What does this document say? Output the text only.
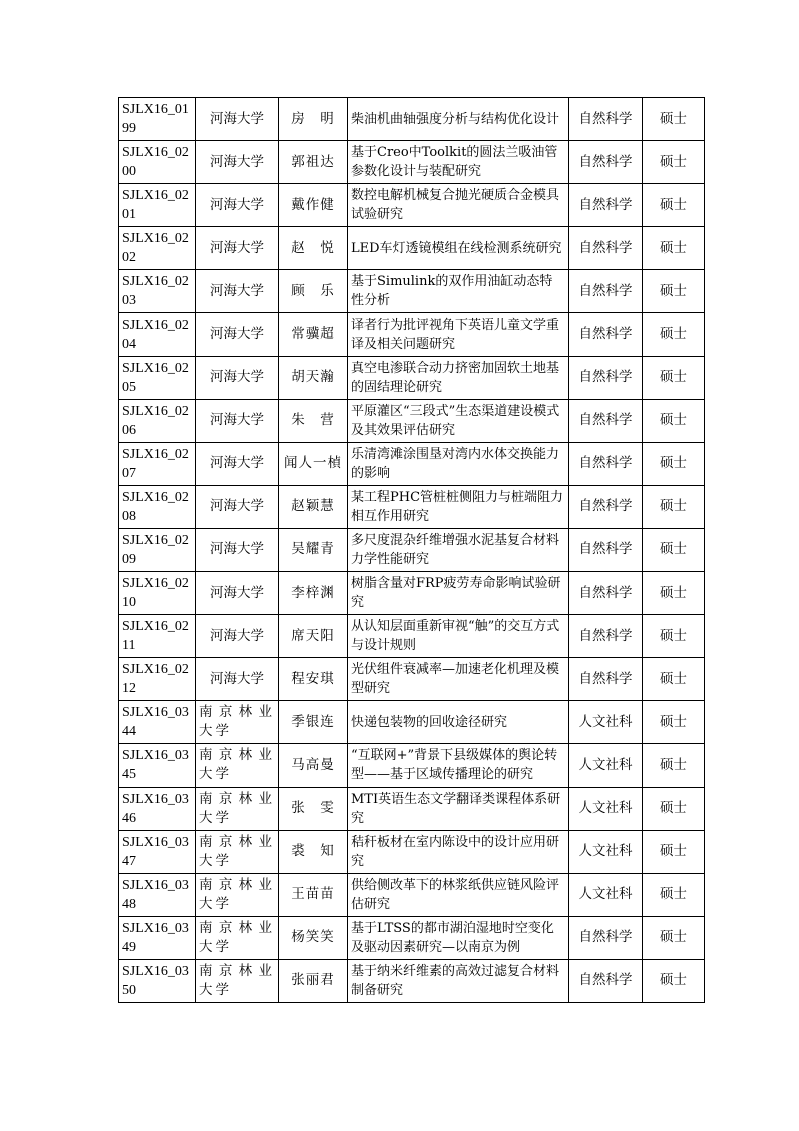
SJLX16_0199	河海大学	房　明	柴油机曲轴强度分析与结构优化设计	自然科学	硕士
SJLX16_0200	河海大学	郭祖达	基于Creo中Toolkit的圆法兰吸油管参数化设计与装配研究	自然科学	硕士
SJLX16_0201	河海大学	戴作健	数控电解机械复合抛光硬质合金模具试验研究	自然科学	硕士
SJLX16_0202	河海大学	赵　悦	LED车灯透镜模组在线检测系统研究	自然科学	硕士
SJLX16_0203	河海大学	顾　乐	基于Simulink的双作用油缸动态特性分析	自然科学	硕士
SJLX16_0204	河海大学	常骥超	译者行为批评视角下英语儿童文学重译及相关问题研究	自然科学	硕士
SJLX16_0205	河海大学	胡天瀚	真空电渗联合动力挤密加固软土地基的固结理论研究	自然科学	硕士
SJLX16_0206	河海大学	朱　营	平原灌区“三段式”生态渠道建设模式及其效果评估研究	自然科学	硕士
SJLX16_0207	河海大学	闻人一楨	乐清湾滩涂围垦对湾内水体交换能力的影响	自然科学	硕士
SJLX16_0208	河海大学	赵颖慧	某工程PHC管桩桩侧阻力与桩端阻力相互作用研究	自然科学	硕士
SJLX16_0209	河海大学	吴耀青	多尺度混杂纤维增强水泥基复合材料力学性能研究	自然科学	硕士
SJLX16_0210	河海大学	李梓渊	树脂含量对FRP疲劳寿命影响试验研究	自然科学	硕士
SJLX16_0211	河海大学	席天阳	从认知层面重新审视“触”的交互方式与设计规则	自然科学	硕士
SJLX16_0212	河海大学	程安琪	光伏组件衰减率—加速老化机理及模型研究	自然科学	硕士
SJLX16_0344	南京林业大学	季银连	快递包装物的回收途径研究	人文社科	硕士
SJLX16_0345	南京林业大学	马高曼	“互联网+”背景下县级媒体的舆论转型——基于区域传播理论的研究	人文社科	硕士
SJLX16_0346	南京林业大学	张　雯	MTI英语生态文学翻译类课程体系研究	人文社科	硕士
SJLX16_0347	南京林业大学	裘　知	秸秆板材在室内陈设中的设计应用研究	人文社科	硕士
SJLX16_0348	南京林业大学	王苗苗	供给侧改革下的林浆纸供应链风险评估研究	人文社科	硕士
SJLX16_0349	南京林业大学	杨笑笑	基于LTSS的都市湖泊湿地时空变化及驱动因素研究—以南京为例	自然科学	硕士
SJLX16_0350	南京林业大学	张丽君	基于纳米纤维素的高效过滤复合材料制备研究	自然科学	硕士
